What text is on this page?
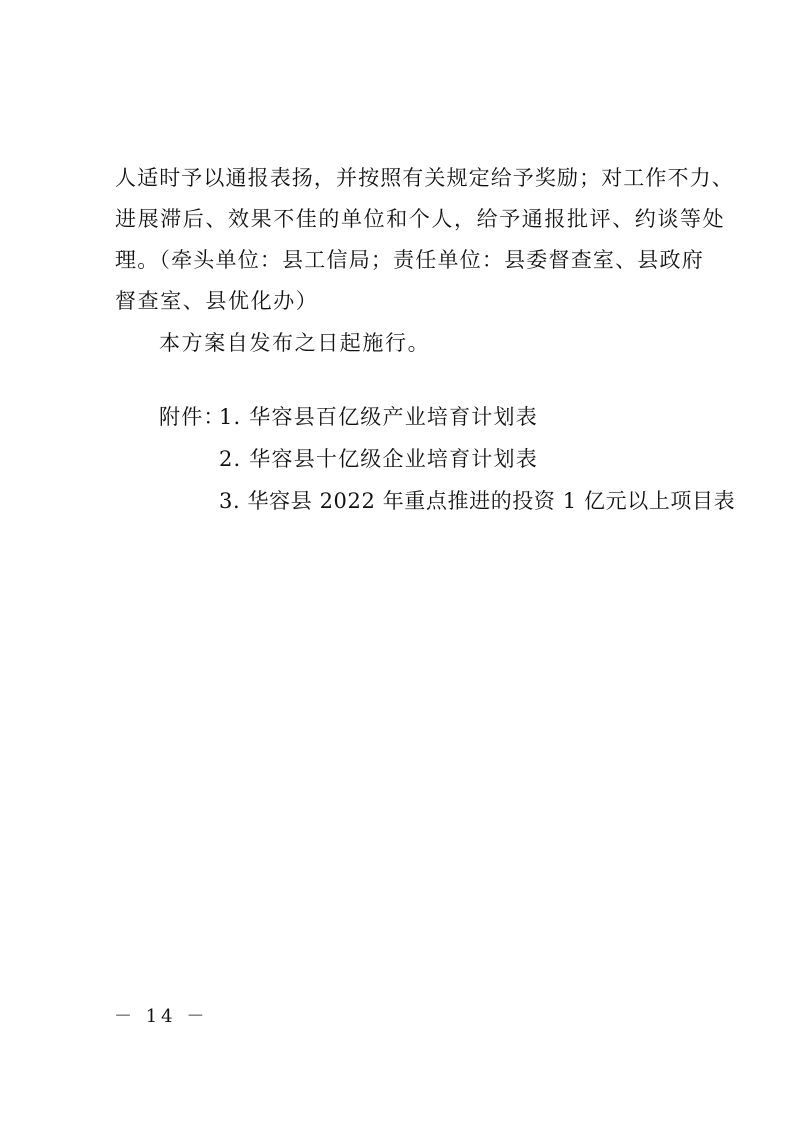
人适时予以通报表扬，并按照有关规定给予奖励；对工作不力、
进展滞后、效果不佳的单位和个人，给予通报批评、约谈等处
理。（牵头单位：县工信局；责任单位：县委督查室、县政府
督查室、县优化办）
本方案自发布之日起施行。
附件：
1. 华容县百亿级产业培育计划表
2. 华容县十亿级企业培育计划表
3. 华容县 2022 年重点推进的投资 1 亿元以上项目表
－ 14 －
